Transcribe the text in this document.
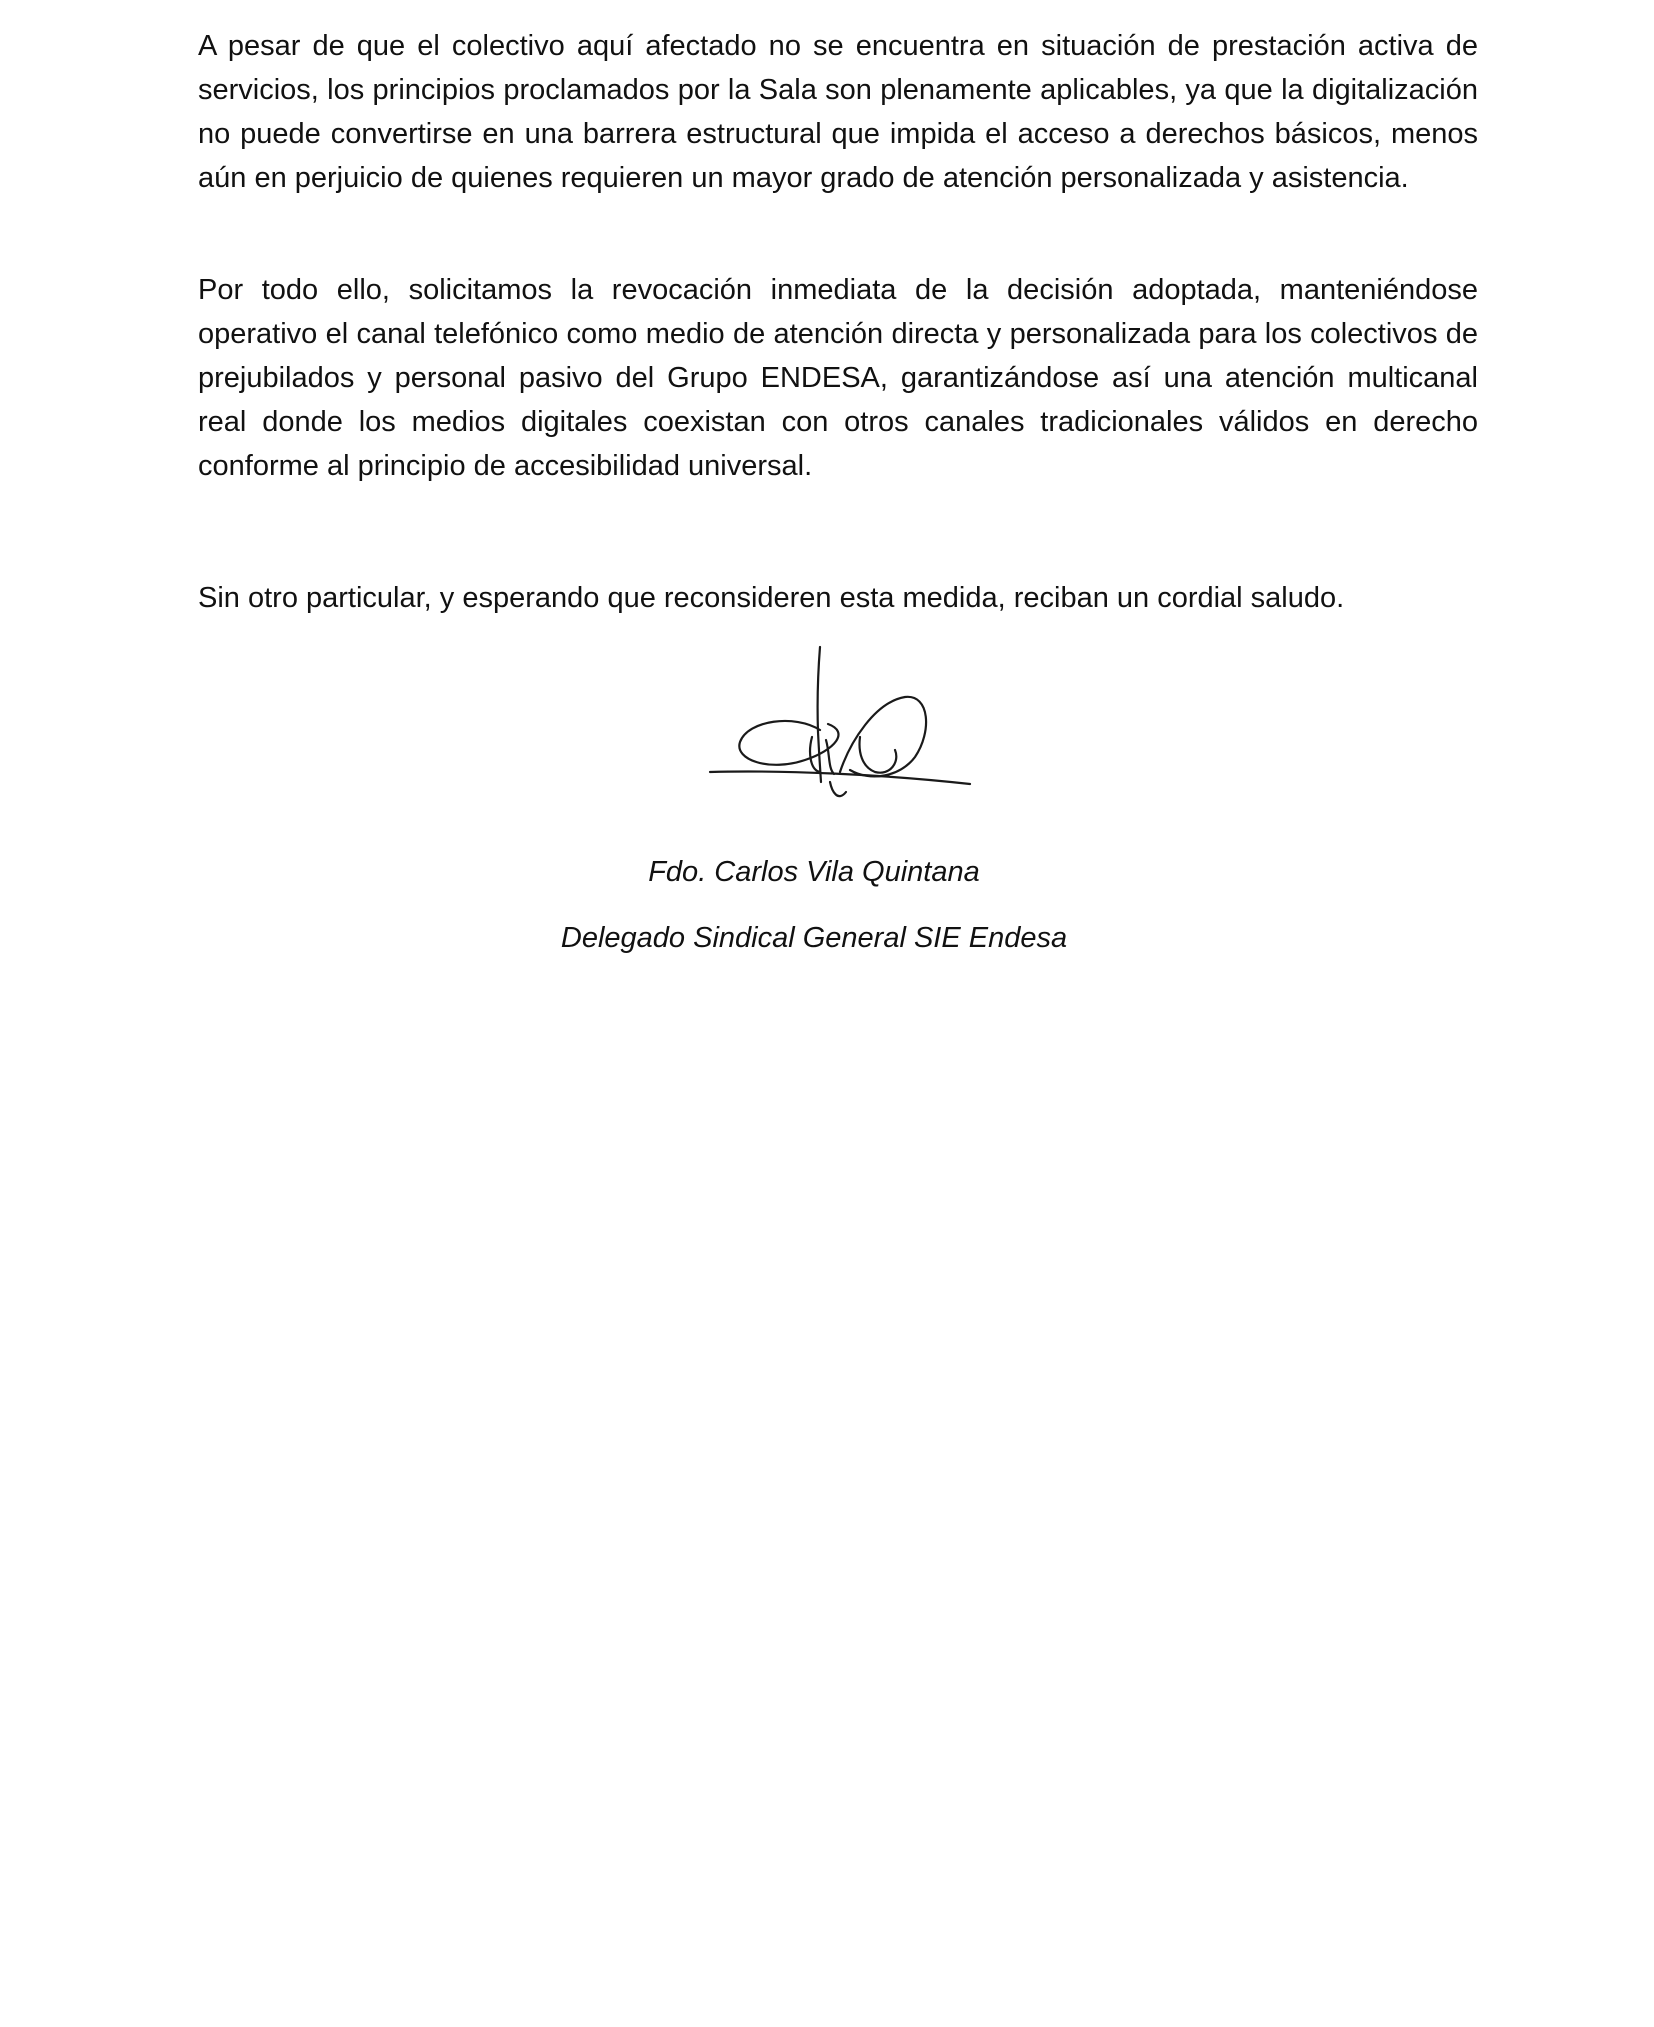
A pesar de que el colectivo aquí afectado no se encuentra en situación de prestación activa de servicios, los principios proclamados por la Sala son plenamente aplicables, ya que la digitalización no puede convertirse en una barrera estructural que impida el acceso a derechos básicos, menos aún en perjuicio de quienes requieren un mayor grado de atención personalizada y asistencia.

Por todo ello, solicitamos la revocación inmediata de la decisión adoptada, manteniéndose operativo el canal telefónico como medio de atención directa y personalizada para los colectivos de prejubilados y personal pasivo del Grupo ENDESA, garantizándose así una atención multicanal real donde los medios digitales coexistan con otros canales tradicionales válidos en derecho conforme al principio de accesibilidad universal.

Sin otro particular, y esperando que reconsideren esta medida, reciban un cordial saludo.

Fdo. Carlos Vila Quintana

Delegado Sindical General SIE Endesa
